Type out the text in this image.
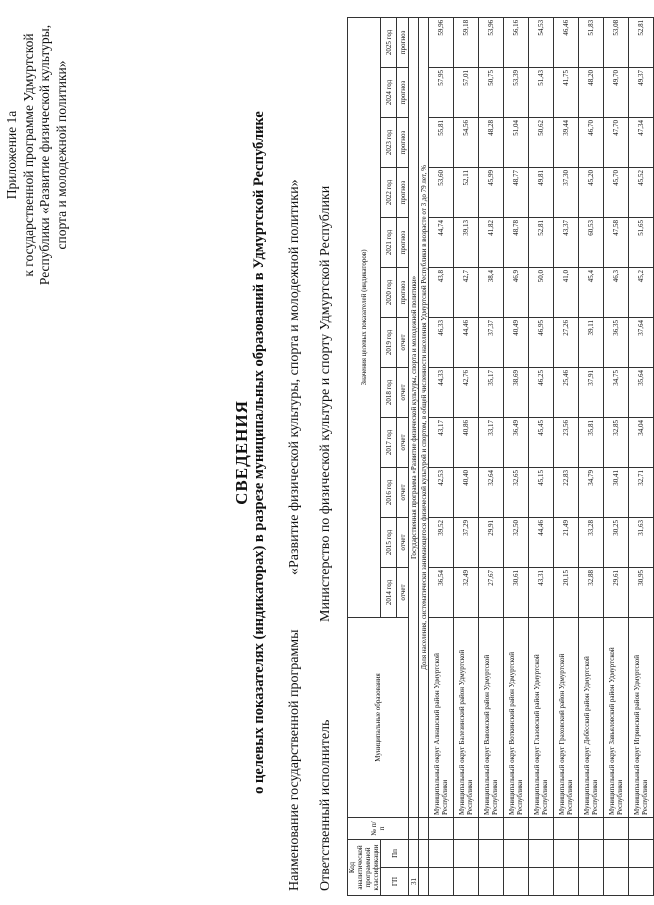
Приложение 1а к государственной программе Удмуртской Республики «Развитие физической культуры, спорта и молодежной политики»
СВЕДЕНИЯ о целевых показателях (индикаторах) в разрезе муниципальных образований в Удмуртской Республике Наименование государственной программы
«Развитие физической культуры, спорта и молодежной политики»
Ответственный исполнитель
Министерство по физической культуре и спорту Удмуртской Республики
Код аналитической программной классификации		№ п/п	Муниципальные образования	Значения целевых показателей (индикаторов)											
ГП	Пп			2014 год	2015 год	2016 год	2017 год	2018 год	2019 год	2020 год	2021 год	2022 год	2023 год	2024 год	2025 год
				отчет	отчет	отчет	отчет	отчет	отчет	прогноз	прогноз	прогноз	прогноз	прогноз	прогноз
31			Государственная программа «Развитие физической культуры, спорта и молодежной политики»												
			Доля населения, систематически занимающегося физической культурой и спортом, в общей численности населения Удмуртской Республики в возрасте от 3 до 79 лет, %												
			Муниципальный округ Алнашский район Удмуртской Республики	36,54	39,52	42,53	43,17	44,33	46,33	43,8	44,74	53,60	55,81	57,95	59,96
			Муниципальный округ Балезинский район Удмуртской Республики	32,49	37,29	40,40	40,86	42,76	44,46	42,7	39,13	52,11	54,56	57,01	59,18
			Муниципальный округ Вавожский район Удмуртской Республики	27,67	29,91	32,64	33,17	35,17	37,37	38,4	41,82	45,99	48,28	50,75	53,96
			Муниципальный округ Воткинский район Удмуртской Республики	30,61	32,50	32,65	36,49	38,69	40,49	46,9	48,78	48,77	51,04	53,39	56,16
			Муниципальный округ Глазовский район Удмуртской Республики	43,31	44,46	45,15	45,45	46,25	46,95	50,0	52,81	49,81	50,62	51,43	54,53
			Муниципальный округ Граховский район Удмуртской Республики	20,15	21,49	22,83	23,56	25,46	27,26	41,0	43,37	37,30	39,44	41,75	46,46
			Муниципальный округ Дебёсский район Удмуртской Республики	32,88	33,28	34,79	35,81	37,91	39,11	45,4	60,53	45,20	46,70	48,20	51,83
			Муниципальный округ Завьяловский район Удмуртской Республики	29,61	30,25	30,41	32,85	34,75	36,35	46,3	47,58	45,70	47,70	49,70	53,08
			Муниципальный округ Игринский район Удмуртской Республики	30,95	31,63	32,71	34,04	35,64	37,64	45,2	51,65	45,52	47,34	49,37	52,81
